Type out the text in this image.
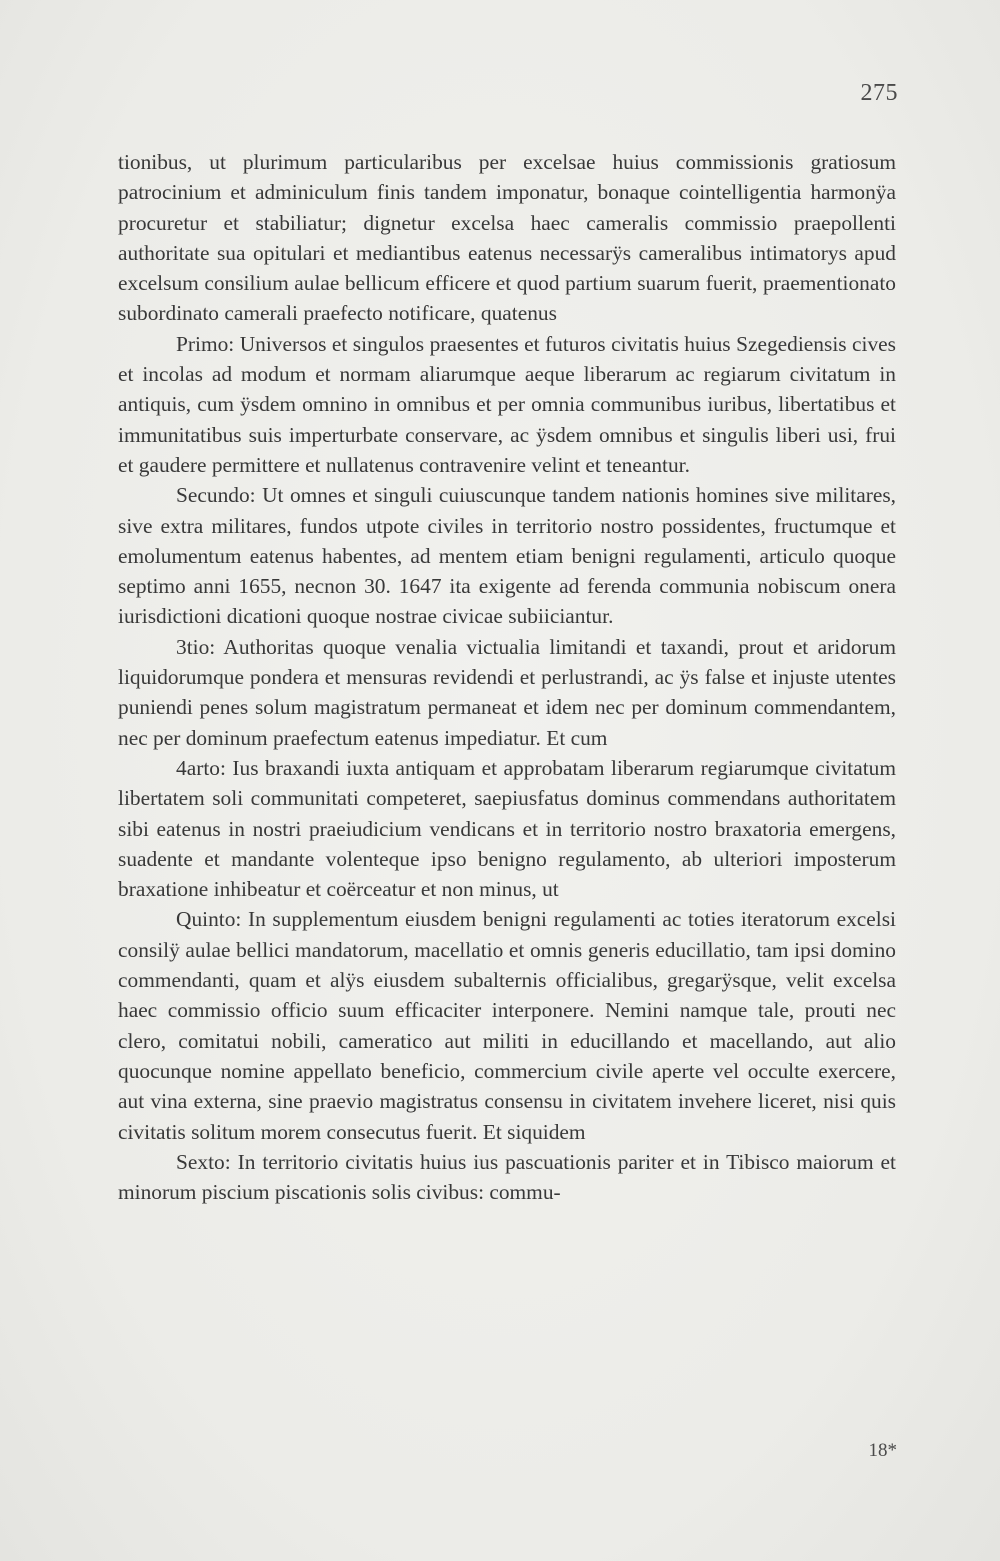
275

tionibus, ut plurimum particularibus per excelsae huius commissionis gratiosum patrocinium et adminiculum finis tandem imponatur, bonaque cointelligentia harmonÿa procuretur et stabiliatur; dignetur excelsa haec cameralis commissio praepollenti authoritate sua opitulari et mediantibus eatenus necessarÿs cameralibus intimatorys apud excelsum consilium aulae bellicum efficere et quod partium suarum fuerit, praementionato subordinato camerali praefecto notificare, quatenus

Primo: Universos et singulos praesentes et futuros civitatis huius Szegediensis cives et incolas ad modum et normam aliarumque aeque liberarum ac regiarum civitatum in antiquis, cum ÿsdem omnino in omnibus et per omnia communibus iuribus, libertatibus et immunitatibus suis imperturbate conservare, ac ÿsdem omnibus et singulis liberi usi, frui et gaudere permittere et nullatenus contravenire velint et teneantur.

Secundo: Ut omnes et singuli cuiuscunque tandem nationis homines sive militares, sive extra militares, fundos utpote civiles in territorio nostro possidentes, fructumque et emolumentum eatenus habentes, ad mentem etiam benigni regulamenti, articulo quoque septimo anni 1655, necnon 30. 1647 ita exigente ad ferenda communia nobiscum onera iurisdictioni dicationi quoque nostrae civicae subiiciantur.

3tio: Authoritas quoque venalia victualia limitandi et taxandi, prout et aridorum liquidorumque pondera et mensuras revidendi et perlustrandi, ac ÿs false et injuste utentes puniendi penes solum magistratum permaneat et idem nec per dominum commendantem, nec per dominum praefectum eatenus impediatur. Et cum

4arto: Ius braxandi iuxta antiquam et approbatam liberarum regiarumque civitatum libertatem soli communitati competeret, saepiusfatus dominus commendans authoritatem sibi eatenus in nostri praeiudicium vendicans et in territorio nostro braxatoria emergens, suadente et mandante volenteque ipso benigno regulamento, ab ulteriori imposterum braxatione inhibeatur et coërceatur et non minus, ut

Quinto: In supplementum eiusdem benigni regulamenti ac toties iteratorum excelsi consilÿ aulae bellici mandatorum, macellatio et omnis generis educillatio, tam ipsi domino commendanti, quam et alÿs eiusdem subalternis officialibus, gregarÿsque, velit excelsa haec commissio officio suum efficaciter interponere. Nemini namque tale, prouti nec clero, comitatui nobili, cameratico aut militi in educillando et macellando, aut alio quocunque nomine appellato beneficio, commercium civile aperte vel occulte exercere, aut vina externa, sine praevio magistratus consensu in civitatem invehere liceret, nisi quis civitatis solitum morem consecutus fuerit. Et siquidem

Sexto: In territorio civitatis huius ius pascuationis pariter et in Tibisco maiorum et minorum piscium piscationis solis civibus: commu-

18*
